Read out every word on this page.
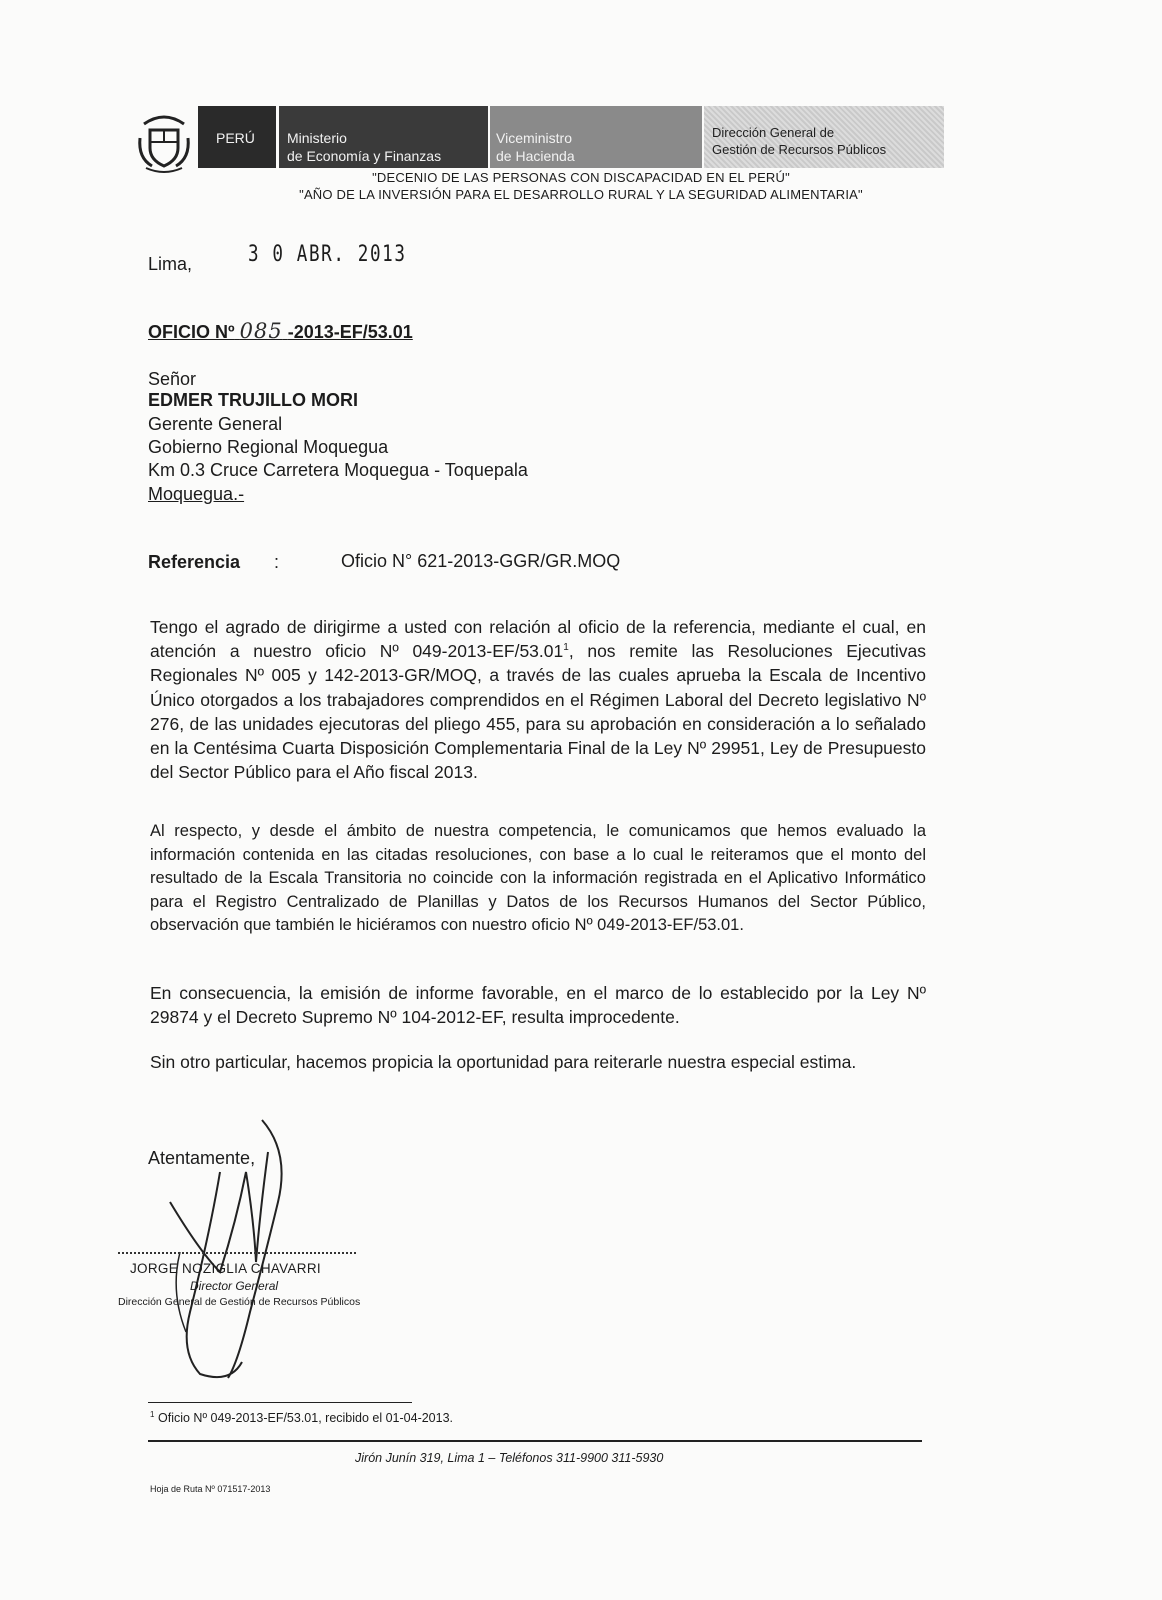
PERÚ Ministerio
de Economía y Finanzas
Viceministro
de Hacienda
Dirección General de
Gestión de Recursos Públicos
"DECENIO DE LAS PERSONAS CON DISCAPACIDAD EN EL PERÚ"
"AÑO DE LA INVERSIÓN PARA EL DESARROLLO RURAL Y LA SEGURIDAD ALIMENTARIA"
Lima,	3 0 ABR. 2013
OFICIO Nº 085 -2013-EF/53.01
Señor
EDMER TRUJILLO MORI
Gerente General
Gobierno Regional Moquegua
Km 0.3 Cruce Carretera Moquegua - Toquepala
Moquegua.-
Referencia :	Oficio N° 621-2013-GGR/GR.MOQ
Tengo el agrado de dirigirme a usted con relación al oficio de la referencia, mediante el cual, en atención a nuestro oficio Nº 049-2013-EF/53.01$^1$, nos remite las Resoluciones Ejecutivas Regionales Nº 005 y 142-2013-GR/MOQ, a través de las cuales aprueba la Escala de Incentivo Único otorgados a los trabajadores comprendidos en el Régimen Laboral del Decreto legislativo Nº 276, de las unidades ejecutoras del pliego 455, para su aprobación en consideración a lo señalado en la Centésima Cuarta Disposición Complementaria Final de la Ley Nº 29951, Ley de Presupuesto del Sector Público para el Año fiscal 2013.
Al respecto, y desde el ámbito de nuestra competencia, le comunicamos que hemos evaluado la información contenida en las citadas resoluciones, con base a lo cual le reiteramos que el monto del resultado de la Escala Transitoria no coincide con la información registrada en el Aplicativo Informático para el Registro Centralizado de Planillas y Datos de los Recursos Humanos del Sector Público, observación que también le hiciéramos con nuestro oficio Nº 049-2013-EF/53.01.
En consecuencia, la emisión de informe favorable, en el marco de lo establecido por la Ley Nº 29874 y el Decreto Supremo Nº 104-2012-EF, resulta improcedente.
Sin otro particular, hacemos propicia la oportunidad para reiterarle nuestra especial estima.
Atentamente,
JORGE NOZIGLIA CHAVARRI
Director General
Dirección General de Gestión de Recursos Públicos
1 Oficio Nº 049-2013-EF/53.01, recibido el 01-04-2013.
Jirón Junín 319, Lima 1 – Teléfonos 311-9900 311-5930
Hoja de Ruta Nº 071517-2013
